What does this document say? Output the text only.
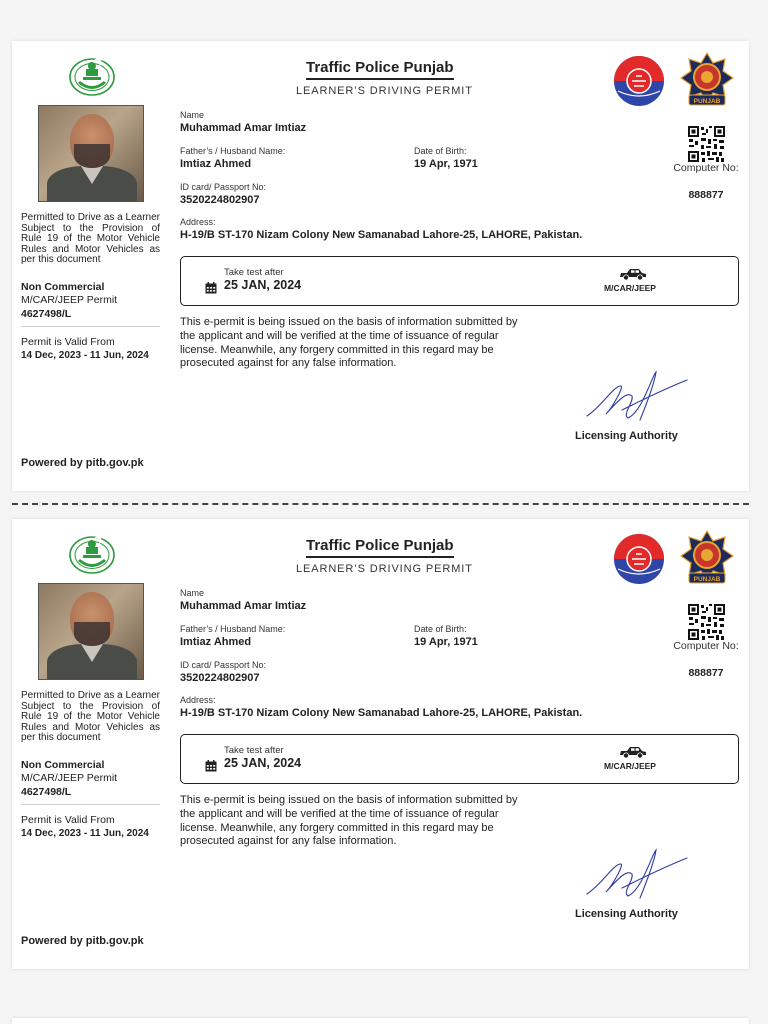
Permitted to Drive as a Learner Subject to the Provision of Rule 19 of the Motor Vehicle Rules and Motor Vehicles as per this document
Non Commercial
M/CAR/JEEP Permit
4627498/L
Permit is Valid From
14 Dec, 2023 - 11 Jun, 2024
Powered by pitb.gov.pk
Traffic Police Punjab
LEARNER’S DRIVING PERMIT
PUNJAB
Computer No:
888877
Name
Muhammad Amar Imtiaz
Father’s / Husband Name:
Imtiaz Ahmed
Date of Birth:
19 Apr, 1971
ID card/ Passport No:
3520224802907
Address:
H-19/B ST-170 Nizam Colony New Samanabad Lahore-25, LAHORE, Pakistan.
Take test after
25 JAN, 2024	M/CAR/JEEP
This e-permit is being issued on the basis of information submitted by the applicant and will be verified at the time of issuance of regular license. Meanwhile, any forgery committed in this regard may be prosecuted against for any false information.
Licensing Authority
Permitted to Drive as a Learner Subject to the Provision of Rule 19 of the Motor Vehicle Rules and Motor Vehicles as per this document
Non Commercial
M/CAR/JEEP Permit
4627498/L
Permit is Valid From
14 Dec, 2023 - 11 Jun, 2024
Powered by pitb.gov.pk
Traffic Police Punjab
LEARNER’S DRIVING PERMIT
PUNJAB
Computer No:
888877
Name
Muhammad Amar Imtiaz
Father’s / Husband Name:
Imtiaz Ahmed
Date of Birth:
19 Apr, 1971
ID card/ Passport No:
3520224802907
Address:
H-19/B ST-170 Nizam Colony New Samanabad Lahore-25, LAHORE, Pakistan.
Take test after
25 JAN, 2024	M/CAR/JEEP
This e-permit is being issued on the basis of information submitted by the applicant and will be verified at the time of issuance of regular license. Meanwhile, any forgery committed in this regard may be prosecuted against for any false information.
Licensing Authority
